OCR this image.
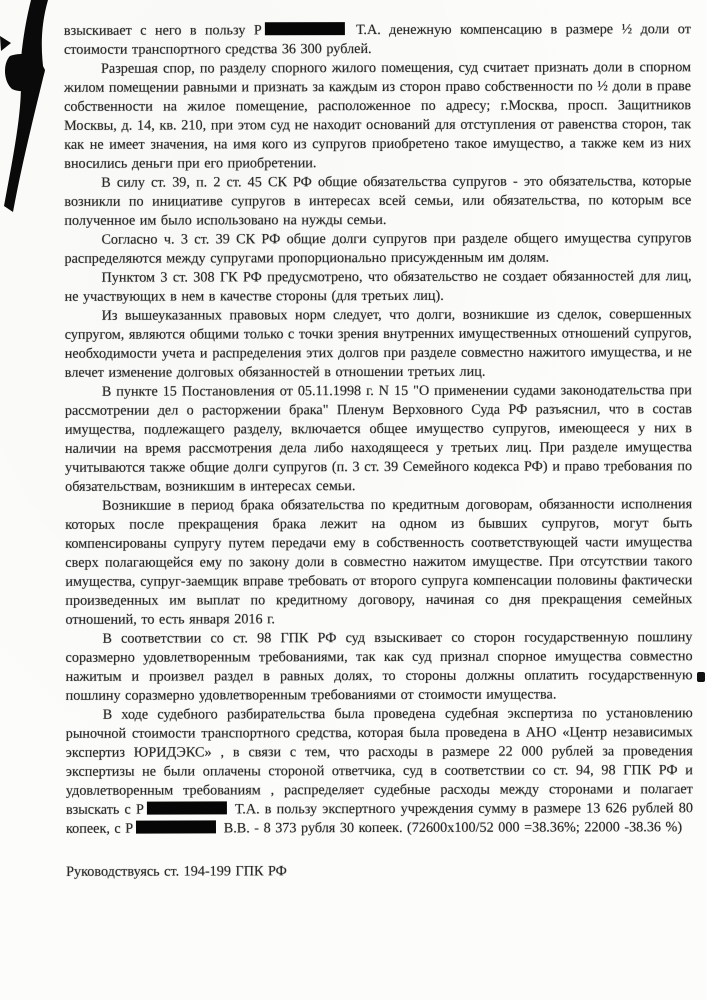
взыскивает с него в пользу Р	Т.А. денежную компенсацию в размере ½ доли от стоимости транспортного средства 36 300 рублей.

Разрешая спор, по разделу спорного жилого помещения, суд считает признать доли в спорном жилом помещении равными и признать за каждым из сторон право собственности по ½ доли в праве собственности на жилое помещение, расположенное по адресу; г.Москва, просп. Защитников Москвы, д. 14, кв. 210, при этом суд не находит оснований для отступления от равенства сторон, так как не имеет значения, на имя кого из супругов приобретено такое имущество, а также кем из них вносились деньги при его приобретении.

В силу ст. 39, п. 2 ст. 45 СК РФ общие обязательства супругов - это обязательства, которые возникли по инициативе супругов в интересах всей семьи, или обязательства, по которым все полученное им было использовано на нужды семьи.

Согласно ч. 3 ст. 39 СК РФ общие долги супругов при разделе общего имущества супругов распределяются между супругами пропорционально присужденным им долям.

Пунктом 3 ст. 308 ГК РФ предусмотрено, что обязательство не создает обязанностей для лиц, не участвующих в нем в качестве стороны (для третьих лиц).

Из вышеуказанных правовых норм следует, что долги, возникшие из сделок, совершенных супругом, являются общими только с точки зрения внутренних имущественных отношений супругов, необходимости учета и распределения этих долгов при разделе совместно нажитого имущества, и не влечет изменение долговых обязанностей в отношении третьих лиц.

В пункте 15 Постановления от 05.11.1998 г. N 15 "О применении судами законодательства при рассмотрении дел о расторжении брака" Пленум Верховного Суда РФ разъяснил, что в состав имущества, подлежащего разделу, включается общее имущество супругов, имеющееся у них в наличии на время рассмотрения дела либо находящееся у третьих лиц. При разделе имущества учитываются также общие долги супругов (п. 3 ст. 39 Семейного кодекса РФ) и право требования по обязательствам, возникшим в интересах семьи.

Возникшие в период брака обязательства по кредитным договорам, обязанности исполнения которых после прекращения брака лежит на одном из бывших супругов, могут быть компенсированы супругу путем передачи ему в собственность соответствующей части имущества сверх полагающейся ему по закону доли в совместно нажитом имуществе. При отсутствии такого имущества, супруг-заемщик вправе требовать от второго супруга компенсации половины фактически произведенных им выплат по кредитному договору, начиная со дня прекращения семейных отношений, то есть января 2016 г.

В соответствии со ст. 98 ГПК РФ суд взыскивает со сторон государственную пошлину соразмерно удовлетворенным требованиями, так как суд признал спорное имущества совместно нажитым и произвел раздел в равных долях, то стороны должны оплатить государственную пошлину соразмерно удовлетворенным требованиями от стоимости имущества.

В ходе судебного разбирательства была проведена судебная экспертиза по установлению рыночной стоимости транспортного средства, которая была проведена в АНО «Центр независимых экспертиз ЮРИДЭКС» , в связи с тем, что расходы в размере 22 000 рублей за проведения экспертизы не были оплачены стороной ответчика, суд в соответствии со ст. 94, 98 ГПК РФ и удовлетворенным требованиям , распределяет судебные расходы между сторонами и полагает взыскать с Р	Т.А. в пользу экспертного учреждения сумму в размере 13 626 рублей 80 копеек, с Р	В.В. - 8 373 рубля 30 копеек. (72600x100/52 000 =38.36%; 22000 -38.36 %)

Руководствуясь ст. 194-199 ГПК РФ
